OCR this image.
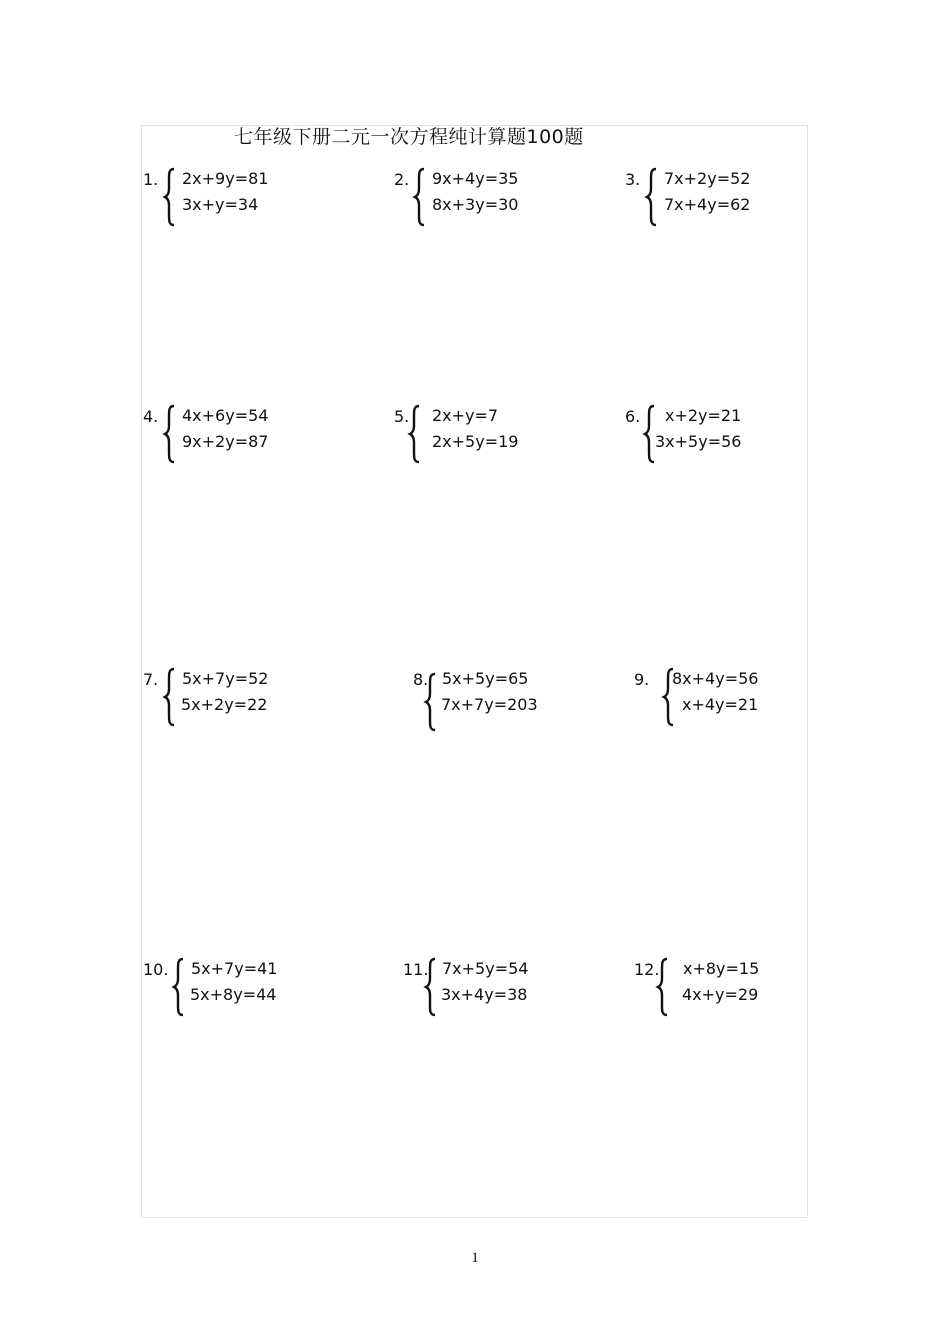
七年级下册二元一次方程纯计算题100题
1. 2x+9y=81
3x+y=34
2. 9x+4y=35
8x+3y=30
3. 7x+2y=52
7x+4y=62
4. 4x+6y=54
9x+2y=87
5. 2x+y=7
2x+5y=19
6. x+2y=21
3x+5y=56
7. 5x+7y=52
5x+2y=22
8. 5x+5y=65
7x+7y=203
9. 8x+4y=56
x+4y=21
10. 5x+7y=41
5x+8y=44
11. 7x+5y=54
3x+4y=38
12. x+8y=15
4x+y=29
1
